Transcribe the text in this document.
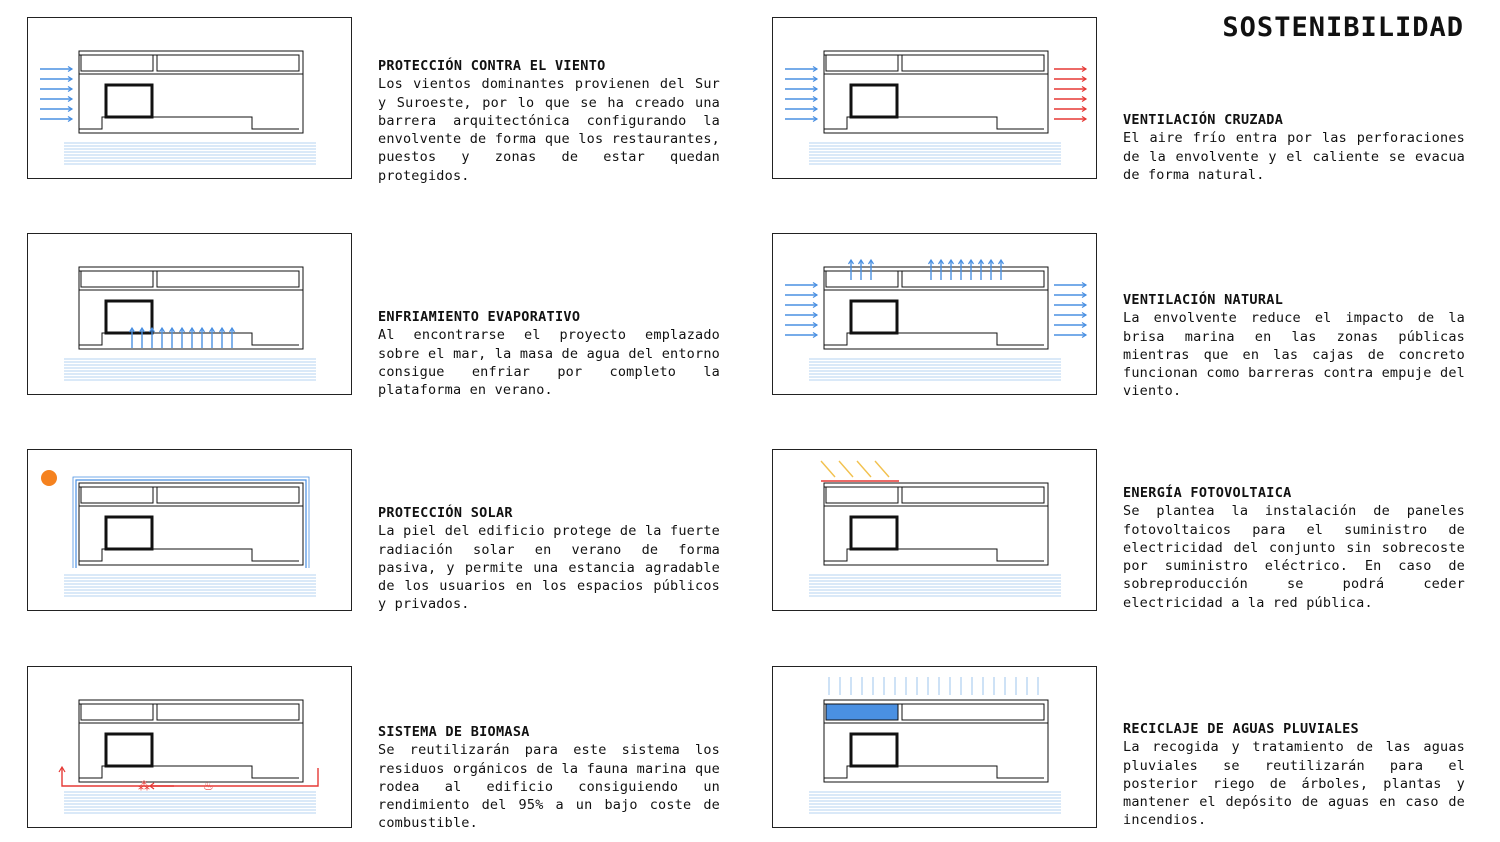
SOSTENIBILIDAD
PROTECCIÓN CONTRA EL VIENTO

Los vientos dominantes provienen del Sur y Suroeste, por lo que se ha creado una barrera arquitectónica configurando la envolvente de forma que los restaurantes, puestos y zonas de estar quedan protegidos.

VENTILACIÓN CRUZADA

El aire frío entra por las perforaciones de la envolvente y el caliente se evacua de forma natural.

ENFRIAMIENTO EVAPORATIVO

Al encontrarse el proyecto emplazado sobre el mar, la masa de agua del entorno consigue enfriar por completo la plataforma en verano.

VENTILACIÓN NATURAL

La envolvente reduce el impacto de la brisa marina en las zonas públicas mientras que en las cajas de concreto funcionan como barreras contra empuje del viento.

PROTECCIÓN SOLAR

La piel del edificio protege de la fuerte radiación solar en verano de forma pasiva, y permite una estancia agradable de los usuarios en los espacios públicos y privados.

ENERGÍA FOTOVOLTAICA

Se plantea la instalación de paneles fotovoltaicos para el suministro de electricidad del conjunto sin sobrecoste por suministro eléctrico. En caso de sobreproducción se podrá ceder electricidad a la red pública.

⁂	♨
SISTEMA DE BIOMASA

Se reutilizarán para este sistema los residuos orgánicos de la fauna marina que rodea al edificio consiguiendo un rendimiento del 95% a un bajo coste de combustible.

RECICLAJE DE AGUAS PLUVIALES

La recogida y tratamiento de las aguas pluviales se reutilizarán para el posterior riego de árboles, plantas y mantener el depósito de aguas en caso de incendios.
